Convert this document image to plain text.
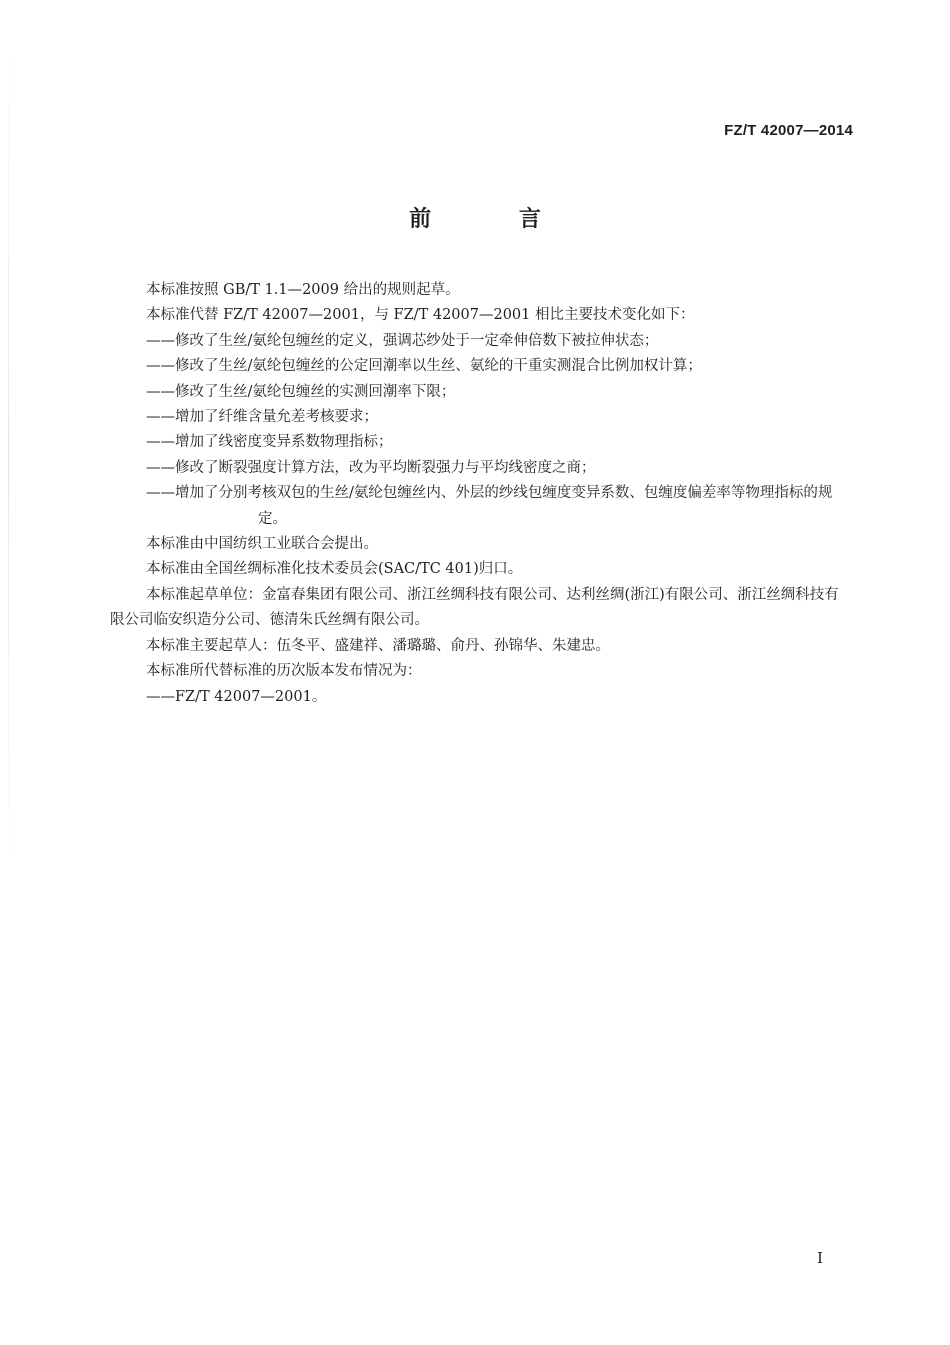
FZ/T 42007—2014
前 言

本标准按照 GB/T 1.1—2009 给出的规则起草。

本标准代替 FZ/T 42007—2001，与 FZ/T 42007—2001 相比主要技术变化如下：

——修改了生丝/氨纶包缠丝的定义，强调芯纱处于一定牵伸倍数下被拉伸状态；

——修改了生丝/氨纶包缠丝的公定回潮率以生丝、氨纶的干重实测混合比例加权计算；

——修改了生丝/氨纶包缠丝的实测回潮率下限；

——增加了纤维含量允差考核要求；

——增加了线密度变异系数物理指标；

——修改了断裂强度计算方法，改为平均断裂强力与平均线密度之商；

——增加了分别考核双包的生丝/氨纶包缠丝内、外层的纱线包缠度变异系数、包缠度偏差率等物理指标的规定。

本标准由中国纺织工业联合会提出。

本标准由全国丝绸标准化技术委员会(SAC/TC 401)归口。

本标准起草单位：金富春集团有限公司、浙江丝绸科技有限公司、达利丝绸(浙江)有限公司、浙江丝绸科技有限公司临安织造分公司、德清朱氏丝绸有限公司。

本标准主要起草人：伍冬平、盛建祥、潘璐璐、俞丹、孙锦华、朱建忠。

本标准所代替标准的历次版本发布情况为：

——FZ/T 42007—2001。

I
